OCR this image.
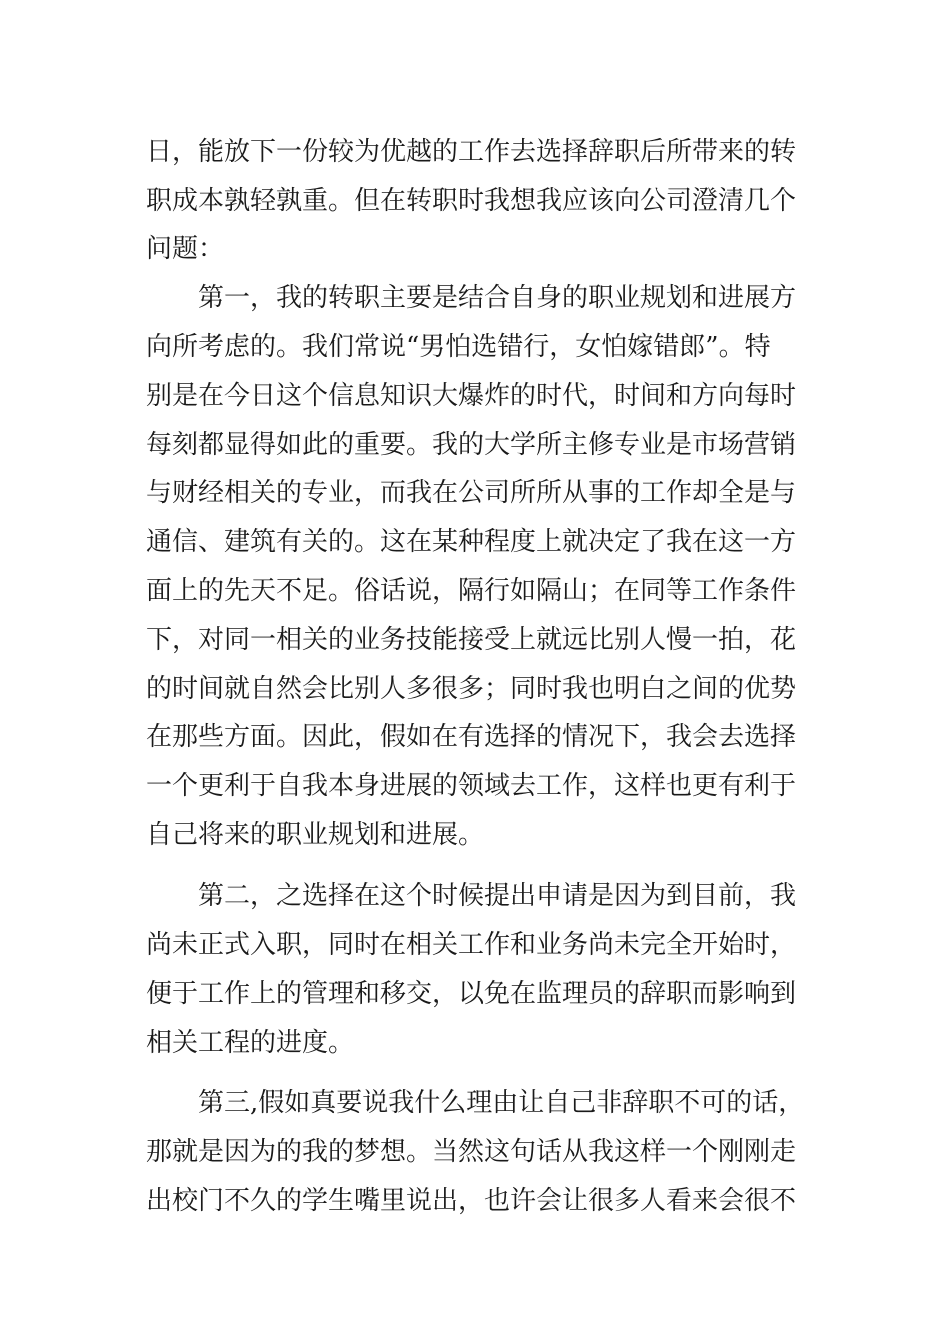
日，能放下一份较为优越的工作去选择辞职后所带来的转
职成本孰轻孰重。但在转职时我想我应该向公司澄清几个
问题：
第一，我的转职主要是结合自身的职业规划和进展方
向所考虑的。我们常说“男怕选错行，女怕嫁错郎”。特
别是在今日这个信息知识大爆炸的时代，时间和方向每时
每刻都显得如此的重要。我的大学所主修专业是市场营销
与财经相关的专业，而我在公司所所从事的工作却全是与
通信、建筑有关的。这在某种程度上就决定了我在这一方
面上的先天不足。俗话说，隔行如隔山；在同等工作条件
下，对同一相关的业务技能接受上就远比别人慢一拍，花
的时间就自然会比别人多很多；同时我也明白之间的优势
在那些方面。因此，假如在有选择的情况下，我会去选择
一个更利于自我本身进展的领域去工作，这样也更有利于
自己将来的职业规划和进展。
第二，之选择在这个时候提出申请是因为到目前，我
尚未正式入职，同时在相关工作和业务尚未完全开始时，
便于工作上的管理和移交，以免在监理员的辞职而影响到
相关工程的进度。
第三,假如真要说我什么理由让自己非辞职不可的话，
那就是因为的我的梦想。当然这句话从我这样一个刚刚走
出校门不久的学生嘴里说出，也许会让很多人看来会很不
